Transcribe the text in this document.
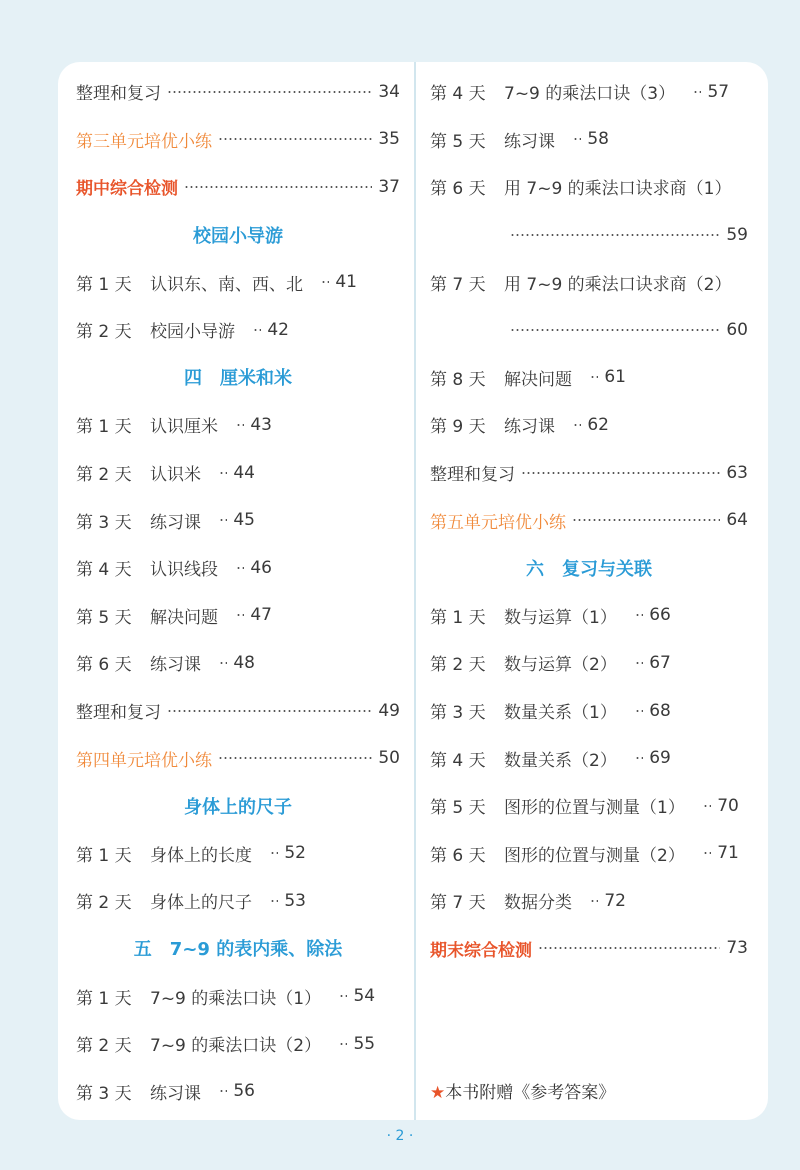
整理和复习	34
第三单元培优小练	35
期中综合检测	37
校园小导游
第 1 天	认识东、南、西、北 41
第 2 天	校园小导游 42
四　厘米和米
第 1 天	认识厘米 43
第 2 天	认识米 44
第 3 天	练习课 45
第 4 天	认识线段 46
第 5 天	解决问题 47
第 6 天	练习课 48
整理和复习	49
第四单元培优小练	50
身体上的尺子
第 1 天	身体上的长度 52
第 2 天	身体上的尺子 53
五　7~9 的表内乘、除法
第 1 天	7~9 的乘法口诀（1） 54
第 2 天	7~9 的乘法口诀（2） 55
第 3 天	练习课 56
第 4 天	7~9 的乘法口诀（3） 57
第 5 天	练习课 58
第 6 天	用 7~9 的乘法口诀求商（1）
59
第 7 天	用 7~9 的乘法口诀求商（2）
60
第 8 天	解决问题 61
第 9 天	练习课 62
整理和复习	63
第五单元培优小练	64
六　复习与关联
第 1 天	数与运算（1） 66
第 2 天	数与运算（2） 67
第 3 天	数量关系（1） 68
第 4 天	数量关系（2） 69
第 5 天	图形的位置与测量（1） 70
第 6 天	图形的位置与测量（2） 71
第 7 天	数据分类 72
期末综合检测	73
★本书附赠《参考答案》
· 2 ·
